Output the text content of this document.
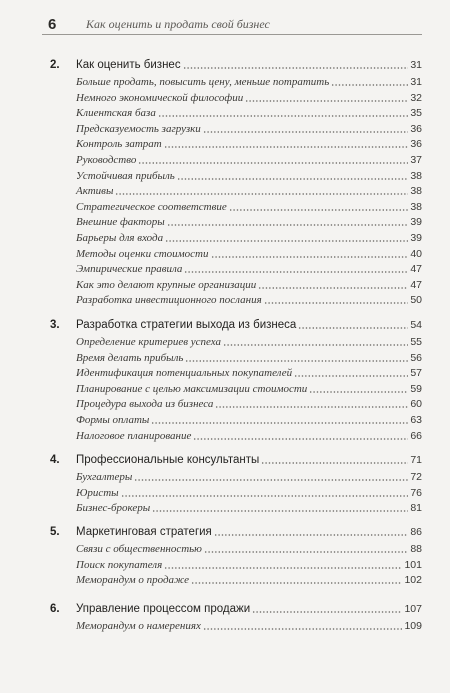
6 Как оценить и продать свой бизнес
2.	Как оценить бизнес	31
Больше продать, повысить цену, меньше потратить	31
Немного экономической философии	32
Клиентская база	35
Предсказуемость загрузки	36
Контроль затрат	36
Руководство	37
Устойчивая прибыль	38
Активы	38
Стратегическое соответствие	38
Внешние факторы	39
Барьеры для входа	39
Методы оценки стоимости	40
Эмпирические правила	47
Как это делают крупные организации	47
Разработка инвестиционного послания	50
3.	Разработка стратегии выхода из бизнеса	54
Определение критериев успеха	55
Время делать прибыль	56
Идентификация потенциальных покупателей	57
Планирование с целью максимизации стоимости	59
Процедура выхода из бизнеса	60
Формы оплаты	63
Налоговое планирование	66
4.	Профессиональные консультанты	71
Бухгалтеры	72
Юристы	76
Бизнес-брокеры	81
5.	Маркетинговая стратегия	86
Связи с общественностью	88
Поиск покупателя	101
Меморандум о продаже	102
6.	Управление процессом продажи	107
Меморандум о намерениях	109
